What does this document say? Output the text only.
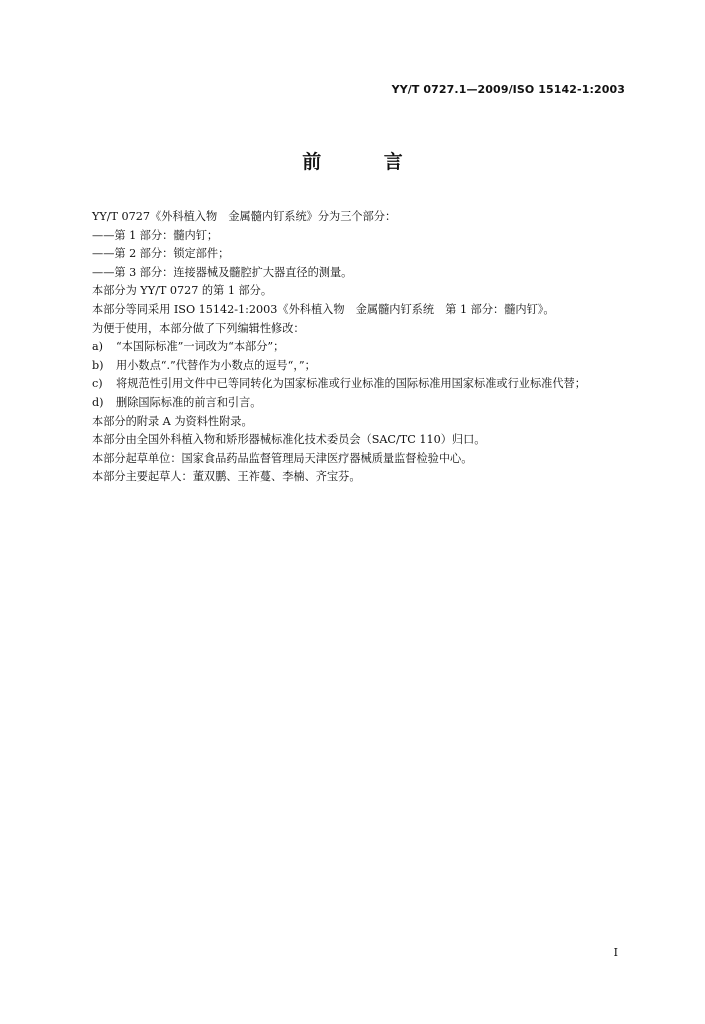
YY/T 0727.1—2009/ISO 15142-1:2003
前 言
YY/T 0727《外科植入物　金属髓内钉系统》分为三个部分：
——第 1 部分：髓内钉；
——第 2 部分：锁定部件；
——第 3 部分：连接器械及髓腔扩大器直径的测量。
本部分为 YY/T 0727 的第 1 部分。
本部分等同采用 ISO 15142-1:2003《外科植入物　金属髓内钉系统　第 1 部分：髓内钉》。
为便于使用，本部分做了下列编辑性修改：
a)	“本国际标准”一词改为“本部分”；
b)	用小数点“.”代替作为小数点的逗号“，”；
c)	将规范性引用文件中已等同转化为国家标准或行业标准的国际标准用国家标准或行业标准代替；
d)	删除国际标准的前言和引言。
本部分的附录 A 为资料性附录。
本部分由全国外科植入物和矫形器械标准化技术委员会（SAC/TC 110）归口。
本部分起草单位：国家食品药品监督管理局天津医疗器械质量监督检验中心。
本部分主要起草人：董双鹏、王祚蔓、李楠、齐宝芬。
I
